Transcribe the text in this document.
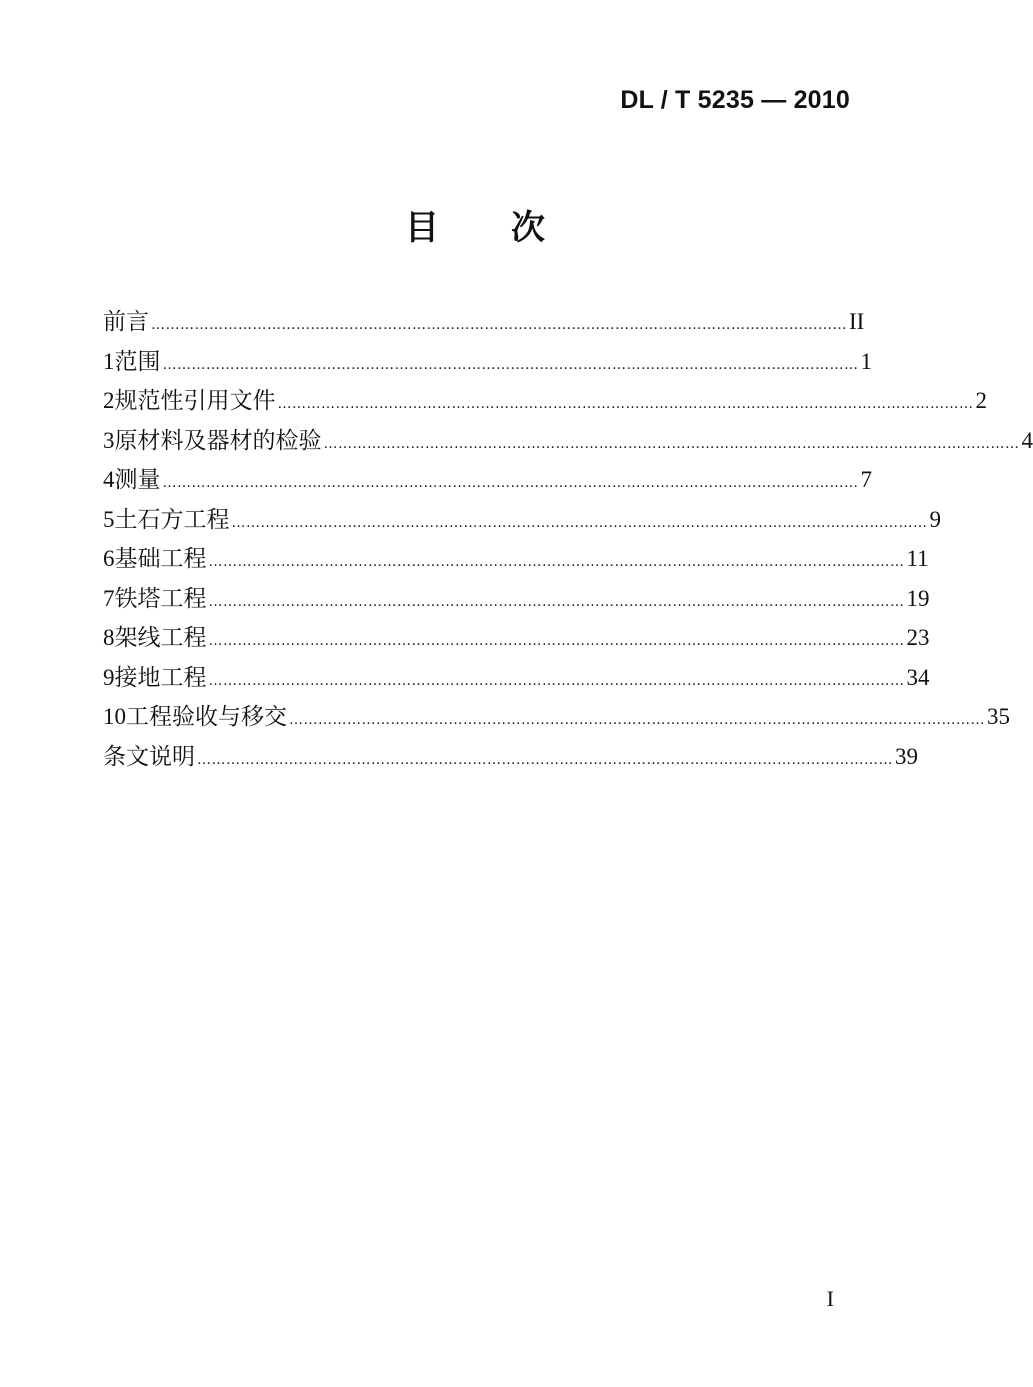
DL / T 5235 — 2010
目 次
前言 ……………………………………………………………………………………………………………………………… II
1 范围 ……………………………………………………………………………………………………………………………… 1
2 规范性引用文件 ……………………………………………………………………………………………………………………………… 2
3 原材料及器材的检验 ……………………………………………………………………………………………………………………………… 4
4 测量 ……………………………………………………………………………………………………………………………… 7
5 土石方工程 ……………………………………………………………………………………………………………………………… 9
6 基础工程 ……………………………………………………………………………………………………………………………… 11
7 铁塔工程 ……………………………………………………………………………………………………………………………… 19
8 架线工程 ……………………………………………………………………………………………………………………………… 23
9 接地工程 ……………………………………………………………………………………………………………………………… 34
10 工程验收与移交 ……………………………………………………………………………………………………………………………… 35
条文说明 ……………………………………………………………………………………………………………………………… 39
I
